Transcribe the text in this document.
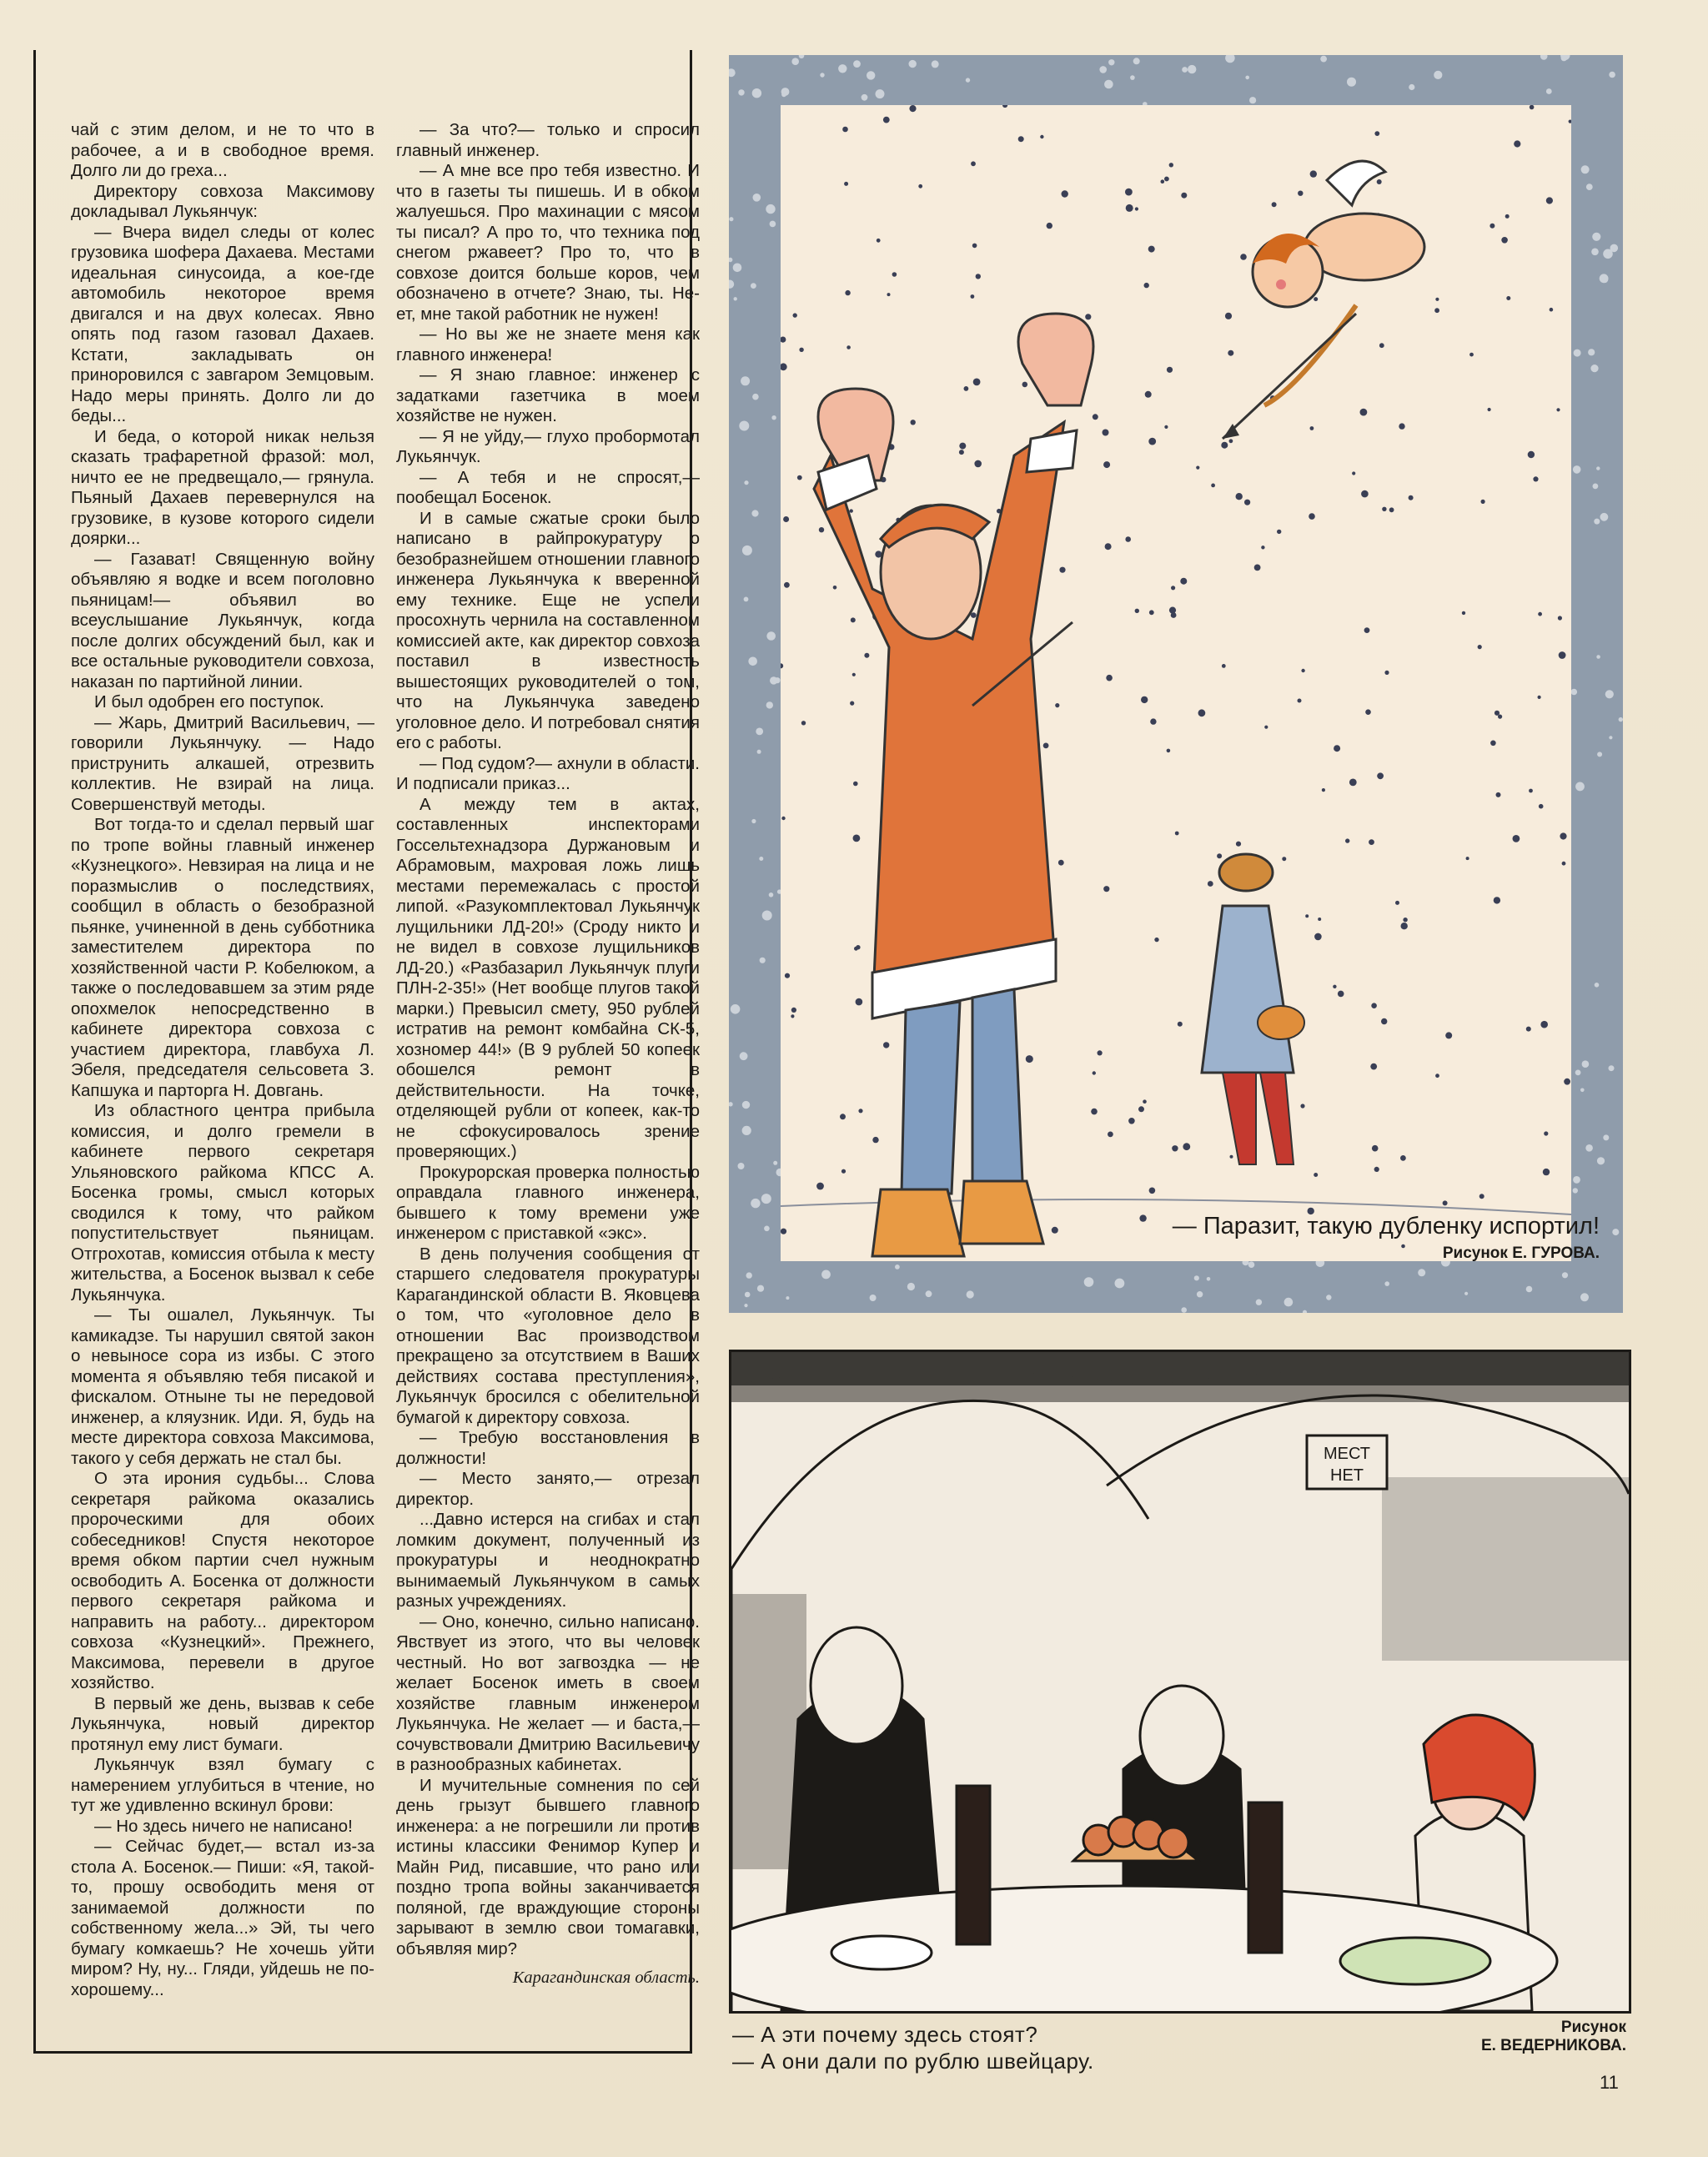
чай с этим делом, и не то что в рабочее, а и в свободное время. Долго ли до греха...

Директору совхоза Максимову докладывал Лукьянчук:

— Вчера видел следы от колес грузовика шофера Дахаева. Местами идеальная синусоида, а кое-где автомобиль некоторое время двигался и на двух колесах. Явно опять под газом газовал Дахаев. Кстати, закладывать он приноровился с завгаром Земцовым. Надо меры принять. Долго ли до беды...

И беда, о которой никак нельзя сказать трафаретной фразой: мол, ничто ее не предвещало,— грянула. Пьяный Дахаев перевернулся на грузовике, в кузове которого сидели доярки...

— Газават! Священную войну объявляю я водке и всем поголовно пьяницам!— объявил во всеуслышание Лукьянчук, когда после долгих обсуждений был, как и все остальные руководители совхоза, наказан по партийной линии.

И был одобрен его поступок.

— Жарь, Дмитрий Васильевич, — говорили Лукьянчуку. — Надо приструнить алкашей, отрезвить коллектив. Не взирай на лица. Совершенствуй методы.

Вот тогда-то и сделал первый шаг по тропе войны главный инженер «Кузнецкого». Невзирая на лица и не поразмыслив о последствиях, сообщил в область о безобразной пьянке, учиненной в день субботника заместителем директора по хозяйственной части Р. Кобелюком, а также о последовавшем за этим ряде опохмелок непосредственно в кабинете директора совхоза с участием директора, главбуха Л. Эбеля, председателя сельсовета З. Капшука и парторга Н. Довгань.

Из областного центра прибыла комиссия, и долго гремели в кабинете первого секретаря Ульяновского райкома КПСС А. Босенка громы, смысл которых сводился к тому, что райком попустительствует пьяницам. Отгрохотав, комиссия отбыла к месту жительства, а Босенок вызвал к себе Лукьянчука.

— Ты ошалел, Лукьянчук. Ты камикадзе. Ты нарушил святой закон о невыносе сора из избы. С этого момента я объявляю тебя писакой и фискалом. Отныне ты не передовой инженер, а кляузник. Иди. Я, будь на месте директора совхоза Максимова, такого у себя держать не стал бы.

О эта ирония судьбы... Слова секретаря райкома оказались пророческими для обоих собеседников! Спустя некоторое время обком партии счел нужным освободить А. Босенка от должности первого секретаря райкома и направить на работу... директором совхоза «Кузнецкий». Прежнего, Максимова, перевели в другое хозяйство.

В первый же день, вызвав к себе Лукьянчука, новый директор протянул ему лист бумаги.

Лукьянчук взял бумагу с намерением углубиться в чтение, но тут же удивленно вскинул брови:

— Но здесь ничего не написано!

— Сейчас будет,— встал из-за стола А. Босенок.— Пиши: «Я, такой-то, прошу освободить меня от занимаемой должности по собственному жела...» Эй, ты чего бумагу комкаешь? Не хочешь уйти миром? Ну, ну... Гляди, уйдешь не по-хорошему...

— За что?— только и спросил главный инженер.

— А мне все про тебя известно. И что в газеты ты пишешь. И в обком жалуешься. Про махинации с мясом ты писал? А про то, что техника под снегом ржавеет? Про то, что в совхозе доится больше коров, чем обозначено в отчете? Знаю, ты. Не-ет, мне такой работник не нужен!

— Но вы же не знаете меня как главного инженера!

— Я знаю главное: инженер с задатками газетчика в моем хозяйстве не нужен.

— Я не уйду,— глухо пробормотал Лукьянчук.

— А тебя и не спросят,— пообещал Босенок.

И в самые сжатые сроки было написано в райпрокуратуру о безобразнейшем отношении главного инженера Лукьянчука к вверенной ему технике. Еще не успели просохнуть чернила на составленном комиссией акте, как директор совхоза поставил в известность вышестоящих руководителей о том, что на Лукьянчука заведено уголовное дело. И потребовал снятия его с работы.

— Под судом?— ахнули в области. И подписали приказ...

А между тем в актах, составленных инспекторами Госсельтехнадзора Дуржановым и Абрамовым, махровая ложь лишь местами перемежалась с простой липой. «Разукомплектовал Лукьянчук лущильники ЛД-20!» (Сроду никто и не видел в совхозе лущильников ЛД-20.) «Разбазарил Лукьянчук плуги ПЛН-2-35!» (Нет вообще плугов такой марки.) Превысил смету, 950 рублей истратив на ремонт комбайна СК-5, хозномер 44!» (В 9 рублей 50 копеек обошелся ремонт в действительности. На точке, отделяющей рубли от копеек, как-то не сфокусировалось зрение проверяющих.)

Прокурорская проверка полностью оправдала главного инженера, бывшего к тому времени уже инженером с приставкой «экс».

В день получения сообщения от старшего следователя прокуратуры Карагандинской области В. Яковцева о том, что «уголовное дело в отношении Вас производством прекращено за отсутствием в Ваших действиях состава преступления», Лукьянчук бросился с обелительной бумагой к директору совхоза.

— Требую восстановления в должности!

— Место занято,— отрезал директор.

...Давно истерся на сгибах и стал ломким документ, полученный из прокуратуры и неоднократно вынимаемый Лукьянчуком в самых разных учреждениях.

— Оно, конечно, сильно написано. Явствует из этого, что вы человек честный. Но вот загвоздка — не желает Босенок иметь в своем хозяйстве главным инженером Лукьянчука. Не желает — и баста,— сочувствовали Дмитрию Васильевичу в разнообразных кабинетах.

И мучительные сомнения по сей день грызут бывшего главного инженера: а не погрешили ли против истины классики Фенимор Купер и Майн Рид, писавшие, что рано или поздно тропа войны заканчивается поляной, где враждующие стороны зарывают в землю свои томагавки, объявляя мир?

Карагандинская область.

— Паразит, такую дубленку испортил!
Рисунок Е. ГУРОВА.
МЕСТ
НЕТ
— А эти почему здесь стоят?
— А они дали по рублю швейцару.
Рисунок
Е. ВЕДЕРНИКОВА.
11
